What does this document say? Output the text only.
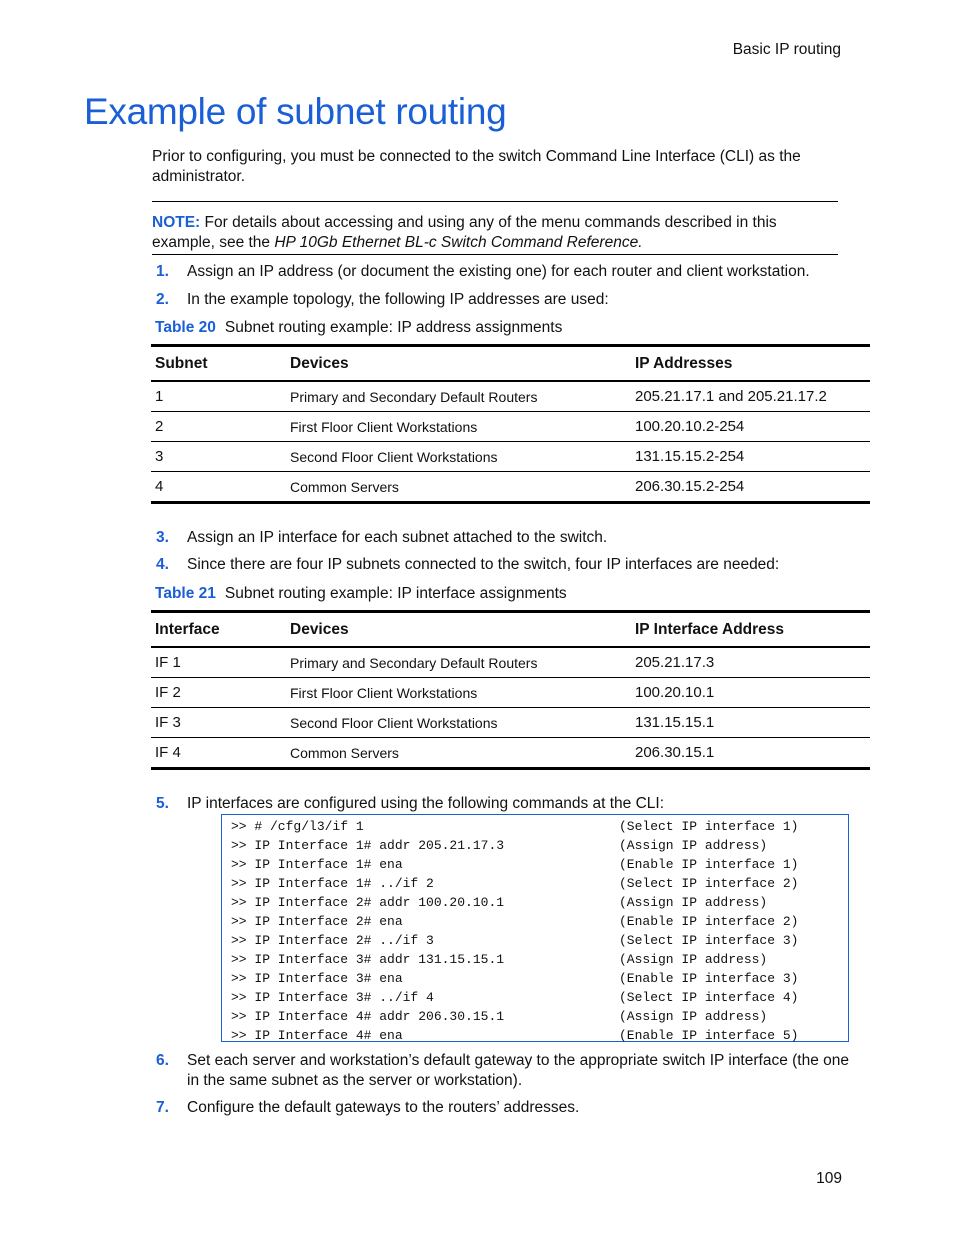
Basic IP routing
Example of subnet routing
Prior to configuring, you must be connected to the switch Command Line Interface (CLI) as the administrator.
NOTE: For details about accessing and using any of the menu commands described in this example, see the HP 10Gb Ethernet BL-c Switch Command Reference.
1.	Assign an IP address (or document the existing one) for each router and client workstation.
2.	In the example topology, the following IP addresses are used:
Table 20 Subnet routing example: IP address assignments
Subnet	Devices	IP Addresses
1	Primary and Secondary Default Routers	205.21.17.1 and 205.21.17.2
2	First Floor Client Workstations	100.20.10.2-254
3	Second Floor Client Workstations	131.15.15.2-254
4	Common Servers	206.30.15.2-254
3.	Assign an IP interface for each subnet attached to the switch.
4.	Since there are four IP subnets connected to the switch, four IP interfaces are needed:
Table 21 Subnet routing example: IP interface assignments
Interface	Devices	IP Interface Address
IF 1	Primary and Secondary Default Routers	205.21.17.3
IF 2	First Floor Client Workstations	100.20.10.1
IF 3	Second Floor Client Workstations	131.15.15.1
IF 4	Common Servers	206.30.15.1
5.	IP interfaces are configured using the following commands at the CLI:
>> # /cfg/l3/if 1	(Select IP interface 1)
>> IP Interface 1# addr 205.21.17.3	(Assign IP address)
>> IP Interface 1# ena	(Enable IP interface 1)
>> IP Interface 1# ../if 2	(Select IP interface 2)
>> IP Interface 2# addr 100.20.10.1	(Assign IP address)
>> IP Interface 2# ena	(Enable IP interface 2)
>> IP Interface 2# ../if 3	(Select IP interface 3)
>> IP Interface 3# addr 131.15.15.1	(Assign IP address)
>> IP Interface 3# ena	(Enable IP interface 3)
>> IP Interface 3# ../if 4	(Select IP interface 4)
>> IP Interface 4# addr 206.30.15.1	(Assign IP address)
>> IP Interface 4# ena	(Enable IP interface 5)
6.	Set each server and workstation’s default gateway to the appropriate switch IP interface (the one in the same subnet as the server or workstation).
7.	Configure the default gateways to the routers’ addresses.
109
